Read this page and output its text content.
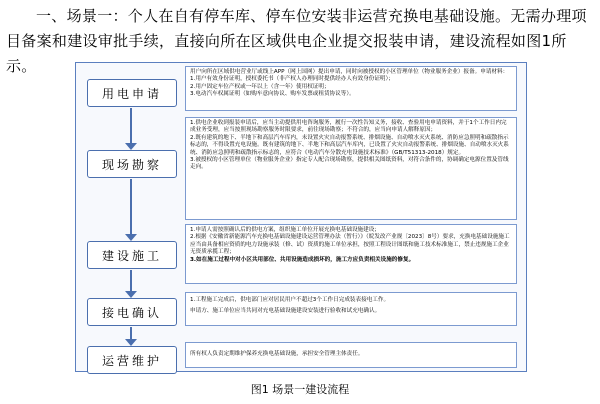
一、场景一：个人在自有停车库、停车位安装非运营充换电基础设施。无需办理项目备案和建设审批手续，直接向所在区域供电企业提交报装申请，建设流程如图1所示。
用电申请
现场勘察
建设施工
接电确认
运营维护

用户向所在区域供电营业厅或线上APP（网上国网）提出申请，同时向被授权的小区管理单位（物业服务企业）报备。申请材料：

1.用户有效身份证明，授权委托书（非产权人办理同时提供经办人有效身份证明）；

2.用户固定车位产权或一年以上（含一年）使用权证明；

3.电动汽车权属证明（如购车意向协议、购车发票或租赁协议等）。

1.供电企业收到报装申请后，应当主动提供用电咨询服务，履行一次性告知义务，接收、查验用电申请资料，并于1个工作日内完成业务受理，应当按照现场勘察服务时限要求，前往现场勘察；不符合的，应当向申请人解释原因；

2.既有建筑的地下、半地下和高层汽车库内，未设置火灾自动报警系统、排烟设施、自动喷水灭火系统、消防应急照明和疏散指示标志的，不得设置充电设施。既有建筑的地下、半地下和高层汽车库内，已设置了火灾自动报警系统、排烟设施、自动喷水灭火系统、消防应急照明和疏散指示标志的，应符合《电动汽车分散充电设施技术标准》（GB/T51313-2018）规定。

3.被授权的小区管理单位（物业服务企业）指定专人配合现场勘察，提供相关图纸资料，对符合条件的，协调确定电源位置及管线走向。

1.申请人需按照确认后的供电方案，组织施工单位开展充换电基础设施建设；

2.根据《安徽省新能源汽车充换电基础设施建设运营管理办法（暂行）》（皖发改产业规〔2023〕8号）要求，充换电基础设施施工应当由具备相应资质的电力设施承装（修、试）资质的施工单位承担，按照工程设计图纸和施工技术标准施工，禁止违规施工企业无资质承揽工程；

3.如在施工过程中对小区共用部位、共用设施造成损坏的，施工方应负责相关设施的修复。

1.工程施工完成后，供电部门应对居民用户不超过3个工作日完成装表接电工作。

申请方、施工单位应当共同对充电基础设施建设安装进行验收和试充电确认。

所有权人负责定期维护保养充换电基础设施，承担安全管理主体责任。

图1 场景一建设流程
